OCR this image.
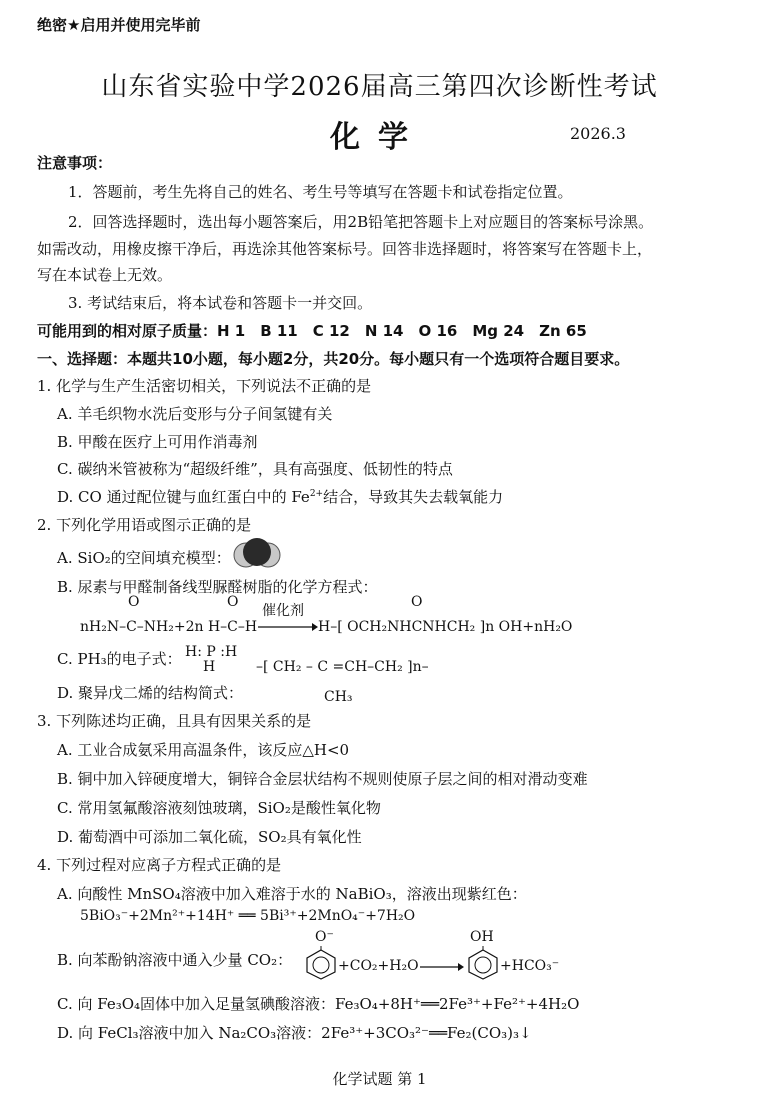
绝密★启用并使用完毕前
山东省实验中学2026届高三第四次诊断性考试
化学	2026.3
注意事项：
1．答题前，考生先将自己的姓名、考生号等填写在答题卡和试卷指定位置。
2．回答选择题时，选出每小题答案后，用2B铅笔把答题卡上对应题目的答案标号涂黑。
如需改动，用橡皮擦干净后，再选涂其他答案标号。回答非选择题时，将答案写在答题卡上，
写在本试卷上无效。
3. 考试结束后，将本试卷和答题卡一并交回。
可能用到的相对原子质量：H 1　B 11　C 12　N 14　O 16　Mg 24　Zn 65
一、选择题：本题共10小题，每小题2分，共20分。每小题只有一个选项符合题目要求。
1. 化学与生产生活密切相关，下列说法不正确的是
A. 羊毛织物水洗后变形与分子间氢键有关
B. 甲酸在医疗上可用作消毒剂
C. 碳纳米管被称为“超级纤维”，具有高强度、低韧性的特点
D. CO 通过配位键与血红蛋白中的 $Fe^{2+}$结合，导致其失去载氧能力
2. 下列化学用语或图示正确的是
A. SiO₂的空间填充模型：
B. 尿素与甲醛制备线型脲醛树脂的化学方程式：
O	O	O
nH₂N–C–NH₂+2n H–C–H
催化剂
→ H–[ OCH₂NHCNHCH₂ ]n OH+nH₂O
C. PH₃的电子式： H: P :H
H	–[ CH₂ – C =CH–CH₂ ]n–
CH₃
D. 聚异戊二烯的结构简式：
3. 下列陈述均正确，且具有因果关系的是
A. 工业合成氨采用高温条件，该反应△H<0
B. 铜中加入锌硬度增大，铜锌合金层状结构不规则使原子层之间的相对滑动变难
C. 常用氢氟酸溶液刻蚀玻璃，SiO₂是酸性氧化物
D. 葡萄酒中可添加二氧化硫，SO₂具有氧化性
4. 下列过程对应离子方程式正确的是
A. 向酸性 MnSO₄溶液中加入难溶于水的 NaBiO₃，溶液出现紫红色：
5BiO₃⁻+2Mn²⁺+14H⁺ ══ 5Bi³⁺+2MnO₄⁻+7H₂O
B. 向苯酚钠溶液中通入少量 CO₂：
O⁻
+CO₂+H₂O
OH
+HCO₃⁻
C. 向 Fe₃O₄固体中加入足量氢碘酸溶液：Fe₃O₄+8H⁺══2Fe³⁺+Fe²⁺+4H₂O
D. 向 FeCl₃溶液中加入 Na₂CO₃溶液：2Fe³⁺+3CO₃²⁻══Fe₂(CO₃)₃↓
化学试题 第 1
